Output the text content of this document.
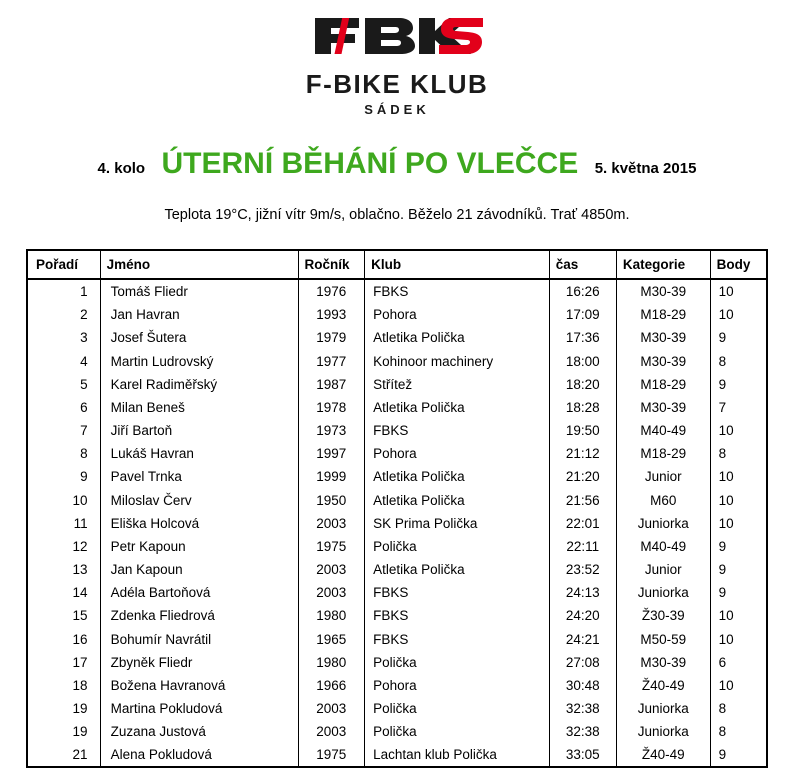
F-BIKE KLUB
SÁDEK
4. kolo ÚTERNÍ BĚHÁNÍ PO VLEČCE 5. května 2015
Teplota 19°C, jižní vítr 9m/s, oblačno. Běželo 21 závodníků. Trať 4850m.
Pořadí	Jméno	Ročník	Klub	čas	Kategorie	Body
1	Tomáš Fliedr	1976	FBKS	16:26	M30-39	10
2	Jan Havran	1993	Pohora	17:09	M18-29	10
3	Josef Šutera	1979	Atletika Polička	17:36	M30-39	9
4	Martin Ludrovský	1977	Kohinoor machinery	18:00	M30-39	8
5	Karel Radiměřský	1987	Střítež	18:20	M18-29	9
6	Milan Beneš	1978	Atletika Polička	18:28	M30-39	7
7	Jiří Bartoň	1973	FBKS	19:50	M40-49	10
8	Lukáš Havran	1997	Pohora	21:12	M18-29	8
9	Pavel Trnka	1999	Atletika Polička	21:20	Junior	10
10	Miloslav Červ	1950	Atletika Polička	21:56	M60	10
11	Eliška Holcová	2003	SK Prima Polička	22:01	Juniorka	10
12	Petr Kapoun	1975	Polička	22:11	M40-49	9
13	Jan Kapoun	2003	Atletika Polička	23:52	Junior	9
14	Adéla Bartoňová	2003	FBKS	24:13	Juniorka	9
15	Zdenka Fliedrová	1980	FBKS	24:20	Ž30-39	10
16	Bohumír Navrátil	1965	FBKS	24:21	M50-59	10
17	Zbyněk Fliedr	1980	Polička	27:08	M30-39	6
18	Božena Havranová	1966	Pohora	30:48	Ž40-49	10
19	Martina Pokludová	2003	Polička	32:38	Juniorka	8
19	Zuzana Justová	2003	Polička	32:38	Juniorka	8
21	Alena Pokludová	1975	Lachtan klub Polička	33:05	Ž40-49	9
